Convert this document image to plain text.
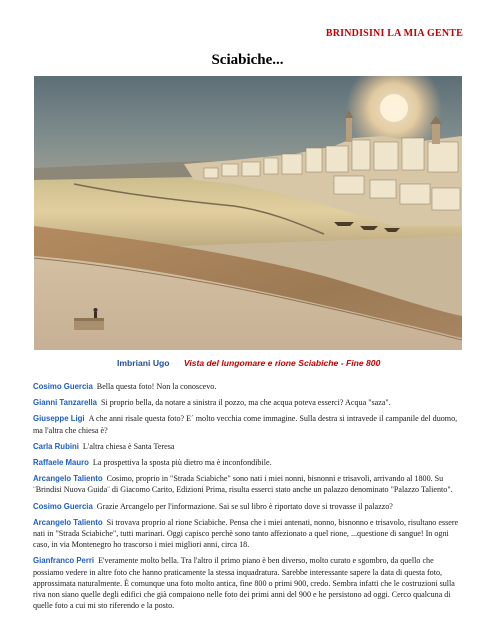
BRINDISINI LA MIA GENTE
Sciabiche...
Imbriani Ugo Vista del lungomare e rione Sciabiche - Fine 800

Cosimo Guercia Bella questa foto! Non la conoscevo.

Gianni Tanzarella Si proprio bella, da notare a sinistra il pozzo, ma che acqua poteva esserci? Acqua "saza".

Giuseppe Ligi A che anni risale questa foto? E´ molto vecchia come immagine. Sulla destra si intravede il campanile del duomo, ma l'altra che chiesa è?

Carla Rubini L'altra chiesa è Santa Teresa

Raffaele Mauro La prospettiva la sposta più dietro ma è inconfondibile.

Arcangelo Taliento Cosimo, proprio in "Strada Sciabiche" sono nati i miei nonni, bisnonni e trisavoli, arrivando al 1800. Su ¨Brindisi Nuova Guida¨ di Giacomo Carito, Edizioni Prima, risulta esserci stato anche un palazzo denominato "Palazzo Taliento".

Cosimo Guercia Grazie Arcangelo per l'informazione. Sai se sul libro è riportato dove si trovasse il palazzo?

Arcangelo Taliento Si trovava proprio al rione Sciabiche. Pensa che i miei antenati, nonno, bisnonno e trisavolo, risultano essere nati in "Strada Sciabiche", tutti marinari. Oggi capisco perchè sono tanto affezionato a quel rione, ...questione di sangue! In ogni caso, in via Montenegro ho trascorso i miei migliori anni, circa 18.

Gianfranco Perri E'veramente molto bella. Tra l'altro il primo piano è ben diverso, molto curato e sgombro, da quello che possiamo vedere in altre foto che hanno praticamente la stessa inquadratura. Sarebbe interessante sapere la data di questa foto, approssimata naturalmente. È comunque una foto molto antica, fine 800 o primi 900, credo. Sembra infatti che le costruzioni sulla riva non siano quelle degli edifici che già compaiono nelle foto dei primi anni del 900 e he persistono ad oggi. Cerco qualcuna di quelle foto a cui mi sto riferendo e la posto.
